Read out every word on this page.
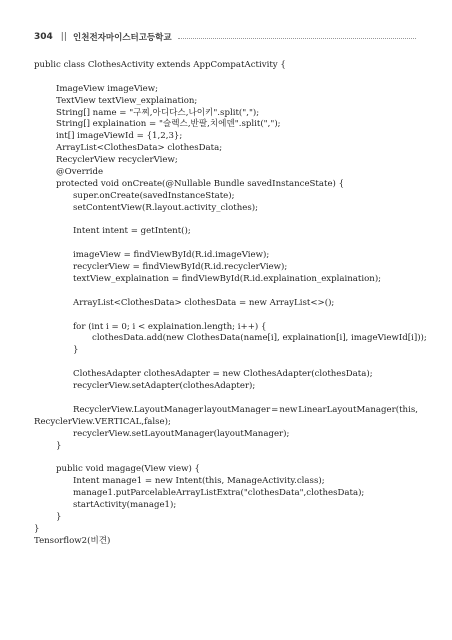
304 || 인천전자마이스터고등학교
public class ClothesActivity extends AppCompatActivity {
ImageView imageView;
TextView textView_explaination;
String[] name = "구찌,아디다스,나이키".split(",");
String[] explaination = "슬렉스,반팔,치에덴".split(",");
int[] imageViewId = {1,2,3};
ArrayList<ClothesData> clothesData;
RecyclerView recyclerView;
@Override
protected void onCreate(@Nullable Bundle savedInstanceState) {
super.onCreate(savedInstanceState);
setContentView(R.layout.activity_clothes);
Intent intent = getIntent();
imageView = findViewById(R.id.imageView);
recyclerView = findViewById(R.id.recyclerView);
textView_explaination = findViewById(R.id.explaination_explaination);
ArrayList<ClothesData> clothesData = new ArrayList<>();
for (int i = 0; i < explaination.length; i++) {
clothesData.add(new ClothesData(name[i], explaination[i], imageViewId[i]));
}
ClothesAdapter clothesAdapter = new ClothesAdapter(clothesData);
recyclerView.setAdapter(clothesAdapter);
RecyclerView.LayoutManager layoutManager = new LinearLayoutManager(this,
RecyclerView.VERTICAL,false);
recyclerView.setLayoutManager(layoutManager);
}
public void magage(View view) {
Intent manage1 = new Intent(this, ManageActivity.class);
manage1.putParcelableArrayListExtra("clothesData",clothesData);
startActivity(manage1);
}
}
Tensorflow2(비견)
